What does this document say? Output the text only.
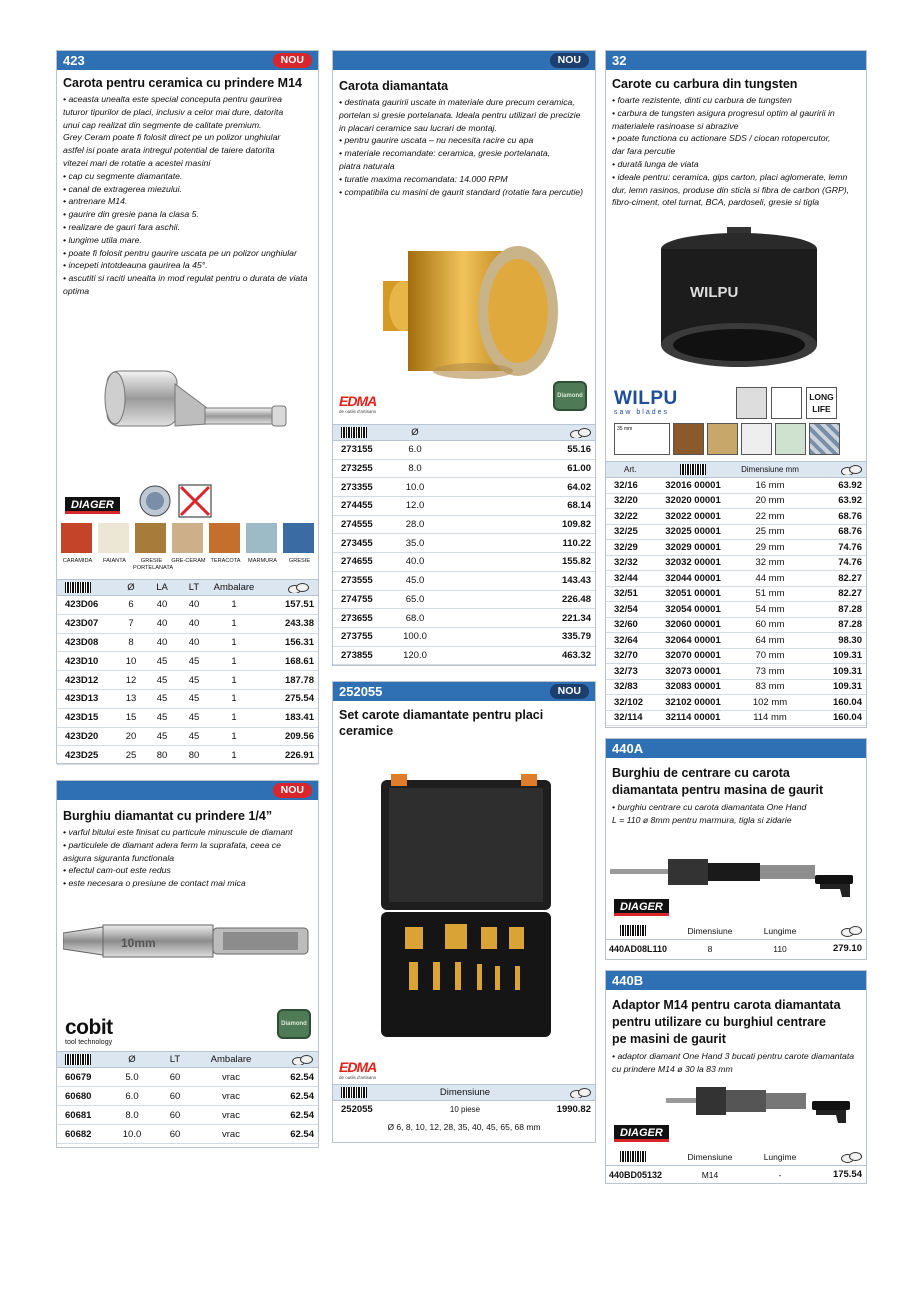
423	NOU
Carota pentru ceramica cu prindere M14
• aceasta unealta este special conceputa pentru gaurirea
tuturor tipurilor de placi, inclusiv a celor mai dure, datorita
unui cap realizat din segmente de calitate premium.
Grey Ceram poate fi folosit direct pe un polizor unghiular
astfel isi poate arata intregul potential de taiere datorita
vitezei mari de rotatie a acestei masini
• cap cu segmente diamantate.
• canal de extragerea miezului.
• antrenare M14.
• gaurire din gresie pana la clasa 5.
• realizare de gauri fara aschii.
• lungime utila mare.
• poate fi folosit pentru gaurire uscata pe un polizor unghiular
• incepeti intotdeauna gaurirea la 45°.
• ascutiti si raciti unealta in mod regulat pentru o durata de viata
optima
DIAGER
CARAMIDA	FAIANTA	GRESIE PORTELANATA
GRE-CERAM TERACOTA	MARMURA	GRESIE
Ø	LA	LT	Ambalare
423D06	6	40	40	1	157.51
423D07	7	40	40	1	243.38
423D08	8	40	40	1	156.31
423D10	10	45	45	1	168.61
423D12	12	45	45	1	187.78
423D13	13	45	45	1	275.54
423D15	15	45	45	1	183.41
423D20	20	45	45	1	209.56
423D25	25	80	80	1	226.91
NOU
Burghiu diamantat cu prindere 1/4”
• varful bitului este finisat cu particule minuscule de diamant
• particulele de diamant adera ferm la suprafata, ceea ce
asigura siguranta functionala
• efectul cam-out este redus
• este necesara o presiune de contact mai mica
10mm
cobit
tool technology
Diamond
Ø	LT	Ambalare
60679	5.0	60	vrac	62.54
60680	6.0	60	vrac	62.54
60681	8.0	60	vrac	62.54
60682	10.0	60	vrac	62.54
NOU
Carota diamantata
• destinata gauririi uscate in materiale dure precum ceramica,
portelan si gresie portelanata. Ideala pentru utilizari de precizie
in placari ceramice sau lucrari de montaj.
• pentru gaurire uscata – nu necesita racire cu apa
• materiale recomandate: ceramica, gresie portelanata,
piatra naturala
• turatie maxima recomandata: 14.000 RPM
• compatibila cu masini de gaurit standard (rotatie fara percutie)
EDMA
de outils d'artisans
Diamond
Ø
273155	6.0	55.16
273255	8.0	61.00
273355	10.0	64.02
274455	12.0	68.14
274555	28.0	109.82
273455	35.0	110.22
274655	40.0	155.82
273555	45.0	143.43
274755	65.0	226.48
273655	68.0	221.34
273755	100.0	335.79
273855	120.0	463.32
252055	NOU
Set carote diamantate pentru placi
ceramice
EDMA
de outils d'artisans
Dimensiune
252055	10 piese	1990.82
Ø 6, 8, 10, 12, 28, 35, 40, 45, 65, 68 mm
32
Carote cu carbura din tungsten
• foarte rezistente, dinti cu carbura de tungsten
• carbura de tungsten asigura progresul optim al gauririi in
materialele rasinoase si abrazive
• poate functiona cu actionare SDS / ciocan rotopercutor,
dar fara percutie
• durată lunga de viata
• ideale pentru: ceramica, gips carton, placi aglomerate, lemn
dur, lemn rasinos, produse din sticla si fibra de carbon (GRP),
fibro-ciment, otel turnat, BCA, pardoseli, gresie si tigla
WILPU
WILPU
saw blades
LONG
LIFE
35 mm
Art.	Dimensiune mm
32/16	32016 00001	16 mm	63.92
32/20	32020 00001	20 mm	63.92
32/22	32022 00001	22 mm	68.76
32/25	32025 00001	25 mm	68.76
32/29	32029 00001	29 mm	74.76
32/32	32032 00001	32 mm	74.76
32/44	32044 00001	44 mm	82.27
32/51	32051 00001	51 mm	82.27
32/54	32054 00001	54 mm	87.28
32/60	32060 00001	60 mm	87.28
32/64	32064 00001	64 mm	98.30
32/70	32070 00001	70 mm	109.31
32/73	32073 00001	73 mm	109.31
32/83	32083 00001	83 mm	109.31
32/102	32102 00001	102 mm	160.04
32/114	32114 00001	114 mm	160.04
440A
Burghiu de centrare cu carota
diamantata pentru masina de gaurit
• burghiu centrare cu carota diamantata One Hand
L = 110 ø 8mm pentru marmura, tigla si zidarie
DIAGER
Dimensiune	Lungime
440AD08L110	8	110	279.10
440B
Adaptor M14 pentru carota diamantata
pentru utilizare cu burghiul centrare
pe masini de gaurit
• adaptor diamant One Hand 3 bucati pentru carote diamantata
cu prindere M14 ø 30 la 83 mm
DIAGER
Dimensiune	Lungime
440BD05132	M14	-	175.54
